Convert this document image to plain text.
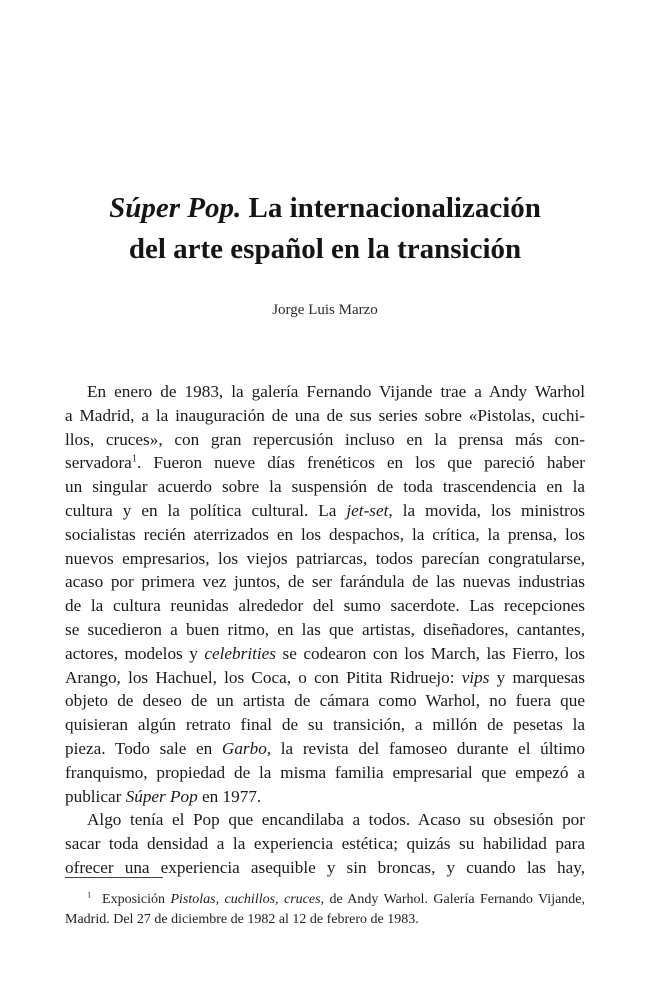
Súper Pop. La internacionalización
del arte español en la transición
Jorge Luis Marzo
En enero de 1983, la galería Fernando Vijande trae a Andy Warhol
a Madrid, a la inauguración de una de sus series sobre «Pistolas, cuchi-
llos, cruces», con gran repercusión incluso en la prensa más con-
servadora$^1$. Fueron nueve días frenéticos en los que pareció haber
un singular acuerdo sobre la suspensión de toda trascendencia en la
cultura y en la política cultural. La jet-set, la movida, los ministros
socialistas recién aterrizados en los despachos, la crítica, la prensa, los
nuevos empresarios, los viejos patriarcas, todos parecían congratularse,
acaso por primera vez juntos, de ser farándula de las nuevas industrias
de la cultura reunidas alrededor del sumo sacerdote. Las recepciones
se sucedieron a buen ritmo, en las que artistas, diseñadores, cantantes,
actores, modelos y celebrities se codearon con los March, las Fierro, los
Arango, los Hachuel, los Coca, o con Pitita Ridruejo: vips y marquesas
objeto de deseo de un artista de cámara como Warhol, no fuera que
quisieran algún retrato final de su transición, a millón de pesetas la
pieza. Todo sale en Garbo, la revista del famoseo durante el último
franquismo, propiedad de la misma familia empresarial que empezó a
publicar Súper Pop en 1977.
Algo tenía el Pop que encandilaba a todos. Acaso su obsesión por
sacar toda densidad a la experiencia estética; quizás su habilidad para
ofrecer una experiencia asequible y sin broncas, y cuando las hay,
$^1$ Exposición Pistolas, cuchillos, cruces, de Andy Warhol. Galería Fernando Vijande,
Madrid. Del 27 de diciembre de 1982 al 12 de febrero de 1983.
